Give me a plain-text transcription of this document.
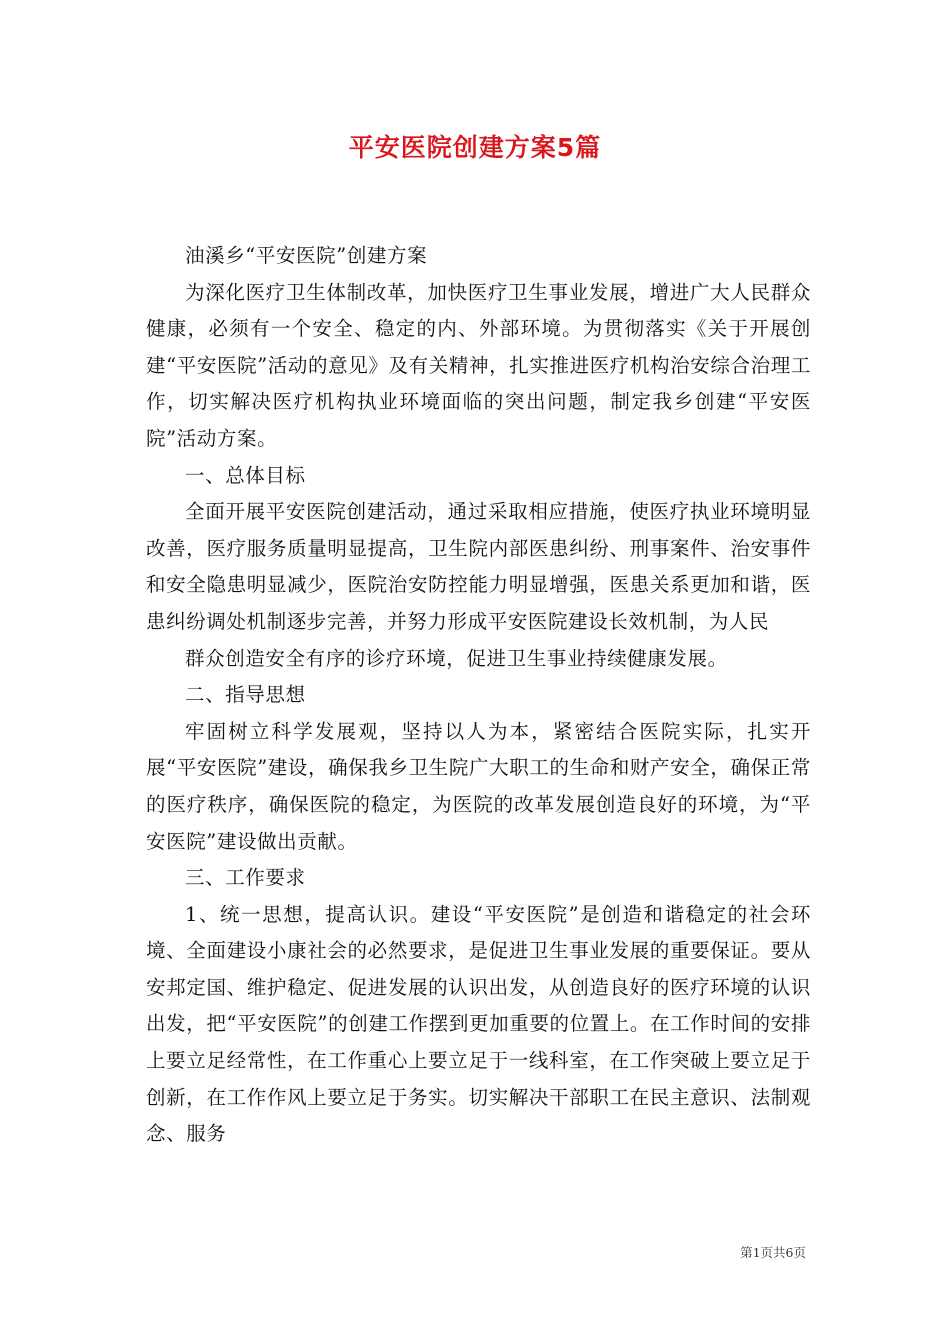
平安医院创建方案5篇

油溪乡“平安医院”创建方案

为深化医疗卫生体制改革，加快医疗卫生事业发展，增进广大人民群众健康，必须有一个安全、稳定的内、外部环境。为贯彻落实《关于开展创建“平安医院”活动的意见》及有关精神，扎实推进医疗机构治安综合治理工作，切实解决医疗机构执业环境面临的突出问题，制定我乡创建“平安医院”活动方案。

一、总体目标

全面开展平安医院创建活动，通过采取相应措施，使医疗执业环境明显改善，医疗服务质量明显提高，卫生院内部医患纠纷、刑事案件、治安事件和安全隐患明显减少，医院治安防控能力明显增强，医患关系更加和谐，医患纠纷调处机制逐步完善，并努力形成平安医院建设长效机制，为人民

群众创造安全有序的诊疗环境，促进卫生事业持续健康发展。

二、指导思想

牢固树立科学发展观，坚持以人为本，紧密结合医院实际，扎实开展“平安医院”建设，确保我乡卫生院广大职工的生命和财产安全，确保正常的医疗秩序，确保医院的稳定，为医院的改革发展创造良好的环境，为“平安医院”建设做出贡献。

三、工作要求

1、统一思想，提高认识。建设“平安医院”是创造和谐稳定的社会环境、全面建设小康社会的必然要求，是促进卫生事业发展的重要保证。要从安邦定国、维护稳定、促进发展的认识出发，从创造良好的医疗环境的认识出发，把“平安医院”的创建工作摆到更加重要的位置上。在工作时间的安排上要立足经常性，在工作重心上要立足于一线科室，在工作突破上要立足于创新，在工作作风上要立足于务实。切实解决干部职工在民主意识、法制观念、服务

第1页共6页
